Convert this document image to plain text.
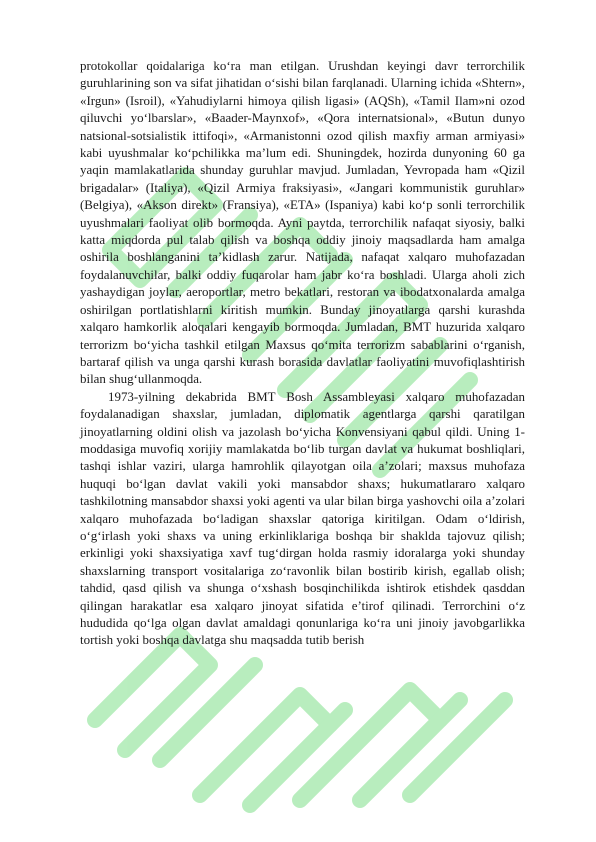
protokollar qoidalariga ko‘ra man etilgan. Urushdan keyingi davr terrorchilik guruhlarining son va sifat jihatidan o‘sishi bilan farqlanadi. Ularning ichida «Shtern», «Irgun» (Isroil), «Yahudiylarni himoya qilish ligasi» (AQSh), «Tamil Ilam»ni ozod qiluvchi yo‘lbarslar», «Baader-Maynxof», «Qora internatsional», «Butun dunyo natsional-sotsialistik ittifoqi», «Armanistonni ozod qilish maxfiy arman armiyasi» kabi uyushmalar ko‘pchilikka ma’lum edi. Shuningdek, hozirda dunyoning 60 ga yaqin mamlakatlarida shunday guruhlar mavjud. Jumladan, Yevropada ham «Qizil brigadalar» (Italiya), «Qizil Armiya fraksiyasi», «Jangari kommunistik guruhlar» (Belgiya), «Akson direkt» (Fransiya), «ETA» (Ispaniya) kabi ko‘p sonli terrorchilik uyushmalari faoliyat olib bormoqda. Ayni paytda, terrorchilik nafaqat siyosiy, balki katta miqdorda pul talab qilish va boshqa oddiy jinoiy maqsadlarda ham amalga oshirila boshlanganini ta’kidlash zarur. Natijada, nafaqat xalqaro muhofazadan foydalanuvchilar, balki oddiy fuqarolar ham jabr ko‘ra boshladi. Ularga aholi zich yashaydigan joylar, aeroportlar, metro bekatlari, restoran va ibodatxonalarda amalga oshirilgan portlatishlarni kiritish mumkin. Bunday jinoyatlarga qarshi kurashda xalqaro hamkorlik aloqalari kengayib bormoqda. Jumladan, BMT huzurida xalqaro terrorizm bo‘yicha tashkil etilgan Maxsus qo‘mita terrorizm sabablarini o‘rganish, bartaraf qilish va unga qarshi kurash borasida davlatlar faoliyatini muvofiqlashtirish bilan shug‘ullanmoqda.

1973-yilning dekabrida BMT Bosh Assambleyasi xalqaro muhofazadan foydalanadigan shaxslar, jumladan, diplomatik agentlarga qarshi qaratilgan jinoyatlarning oldini olish va jazolash bo‘yicha Konvensiyani qabul qildi. Uning 1-moddasiga muvofiq xorijiy mamlakatda bo‘lib turgan davlat va hukumat boshliqlari, tashqi ishlar vaziri, ularga hamrohlik qilayotgan oila a’zolari; maxsus muhofaza huquqi bo‘lgan davlat vakili yoki mansabdor shaxs; hukumatlararo xalqaro tashkilotning mansabdor shaxsi yoki agenti va ular bilan birga yashovchi oila a’zolari xalqaro muhofazada bo‘ladigan shaxslar qatoriga kiritilgan. Odam o‘ldirish, o‘g‘irlash yoki shaxs va uning erkinliklariga boshqa bir shaklda tajovuz qilish; erkinligi yoki shaxsiyatiga xavf tug‘dirgan holda rasmiy idoralarga yoki shunday shaxslarning transport vositalariga zo‘ravonlik bilan bostirib kirish, egallab olish; tahdid, qasd qilish va shunga o‘xshash bosqinchilikda ishtirok etishdek qasddan qilingan harakatlar esa xalqaro jinoyat sifatida e’tirof qilinadi. Terrorchini o‘z hududida qo‘lga olgan davlat amaldagi qonunlariga ko‘ra uni jinoiy javobgarlikka tortish yoki boshqa davlatga shu maqsadda tutib berish
